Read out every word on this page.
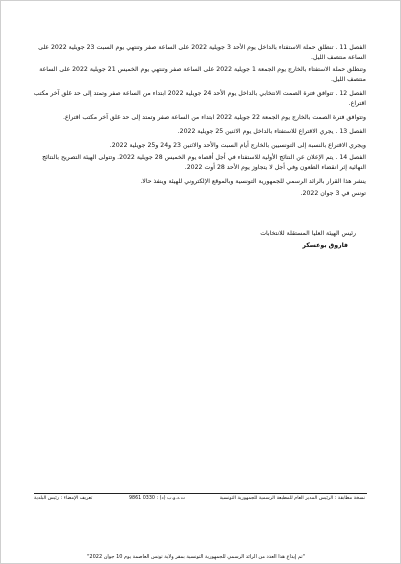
الفصل 11 . تنطلق حملة الاستفتاء بالداخل يوم الأحد 3 جويلية 2022 على الساعة صفر وتنتهي يوم السبت 23 جويلية 2022 على الساعة منتصف الليل.
وتنطلق حملة الاستفتاء بالخارج يوم الجمعة 1 جويلية 2022 على الساعة صفر وتنتهي يوم الخميس 21 جويلية 2022 على الساعة منتصف الليل.
الفصل 12 . تتوافق فترة الصمت الانتخابي بالداخل يوم الأحد 24 جويلية 2022 ابتداء من الساعة صفر وتمتد إلى حد غلق آخر مكتب اقتراع.
وتتوافق فترة الصمت بالخارج يوم الجمعة 22 جويلية 2022 ابتداء من الساعة صفر وتمتد إلى حد غلق آخر مكتب اقتراع.
الفصل 13 . يجري الاقتراع للاستفتاء بالداخل يوم الاثنين 25 جويلية 2022.
ويجري الاقتراع بالنسبة إلى التونسيين بالخارج أيام السبت والأحد والاثنين 23 و24 و25 جويلية 2022.
الفصل 14 . يتم الإعلان عن النتائج الأولية للاستفتاء في أجل أقصاه يوم الخميس 28 جويلية 2022. وتتولى الهيئة التصريح بالنتائج النهائية إثر انقضاء الطعون وفي أجل لا يتجاوز يوم الأحد 28 أوت 2022.
ينشر هذا القرار بالرائد الرسمي للجمهورية التونسية وبالموقع الإلكتروني للهيئة وينفذ حالا.
تونس في 3 جوان 2022.
رئيس الهيئة العليا المستقلة للانتخابات
فاروق بوعسكر
نسخة مطابقة : الرئيس المدير العام للمطبعة الرسمية للجمهورية التونسية
ت.د.و.ب (د) : 0330 9861
تعريف الإمضاء : رئيس البلدية
"تم إيداع هذا العدد من الرائد الرسمي للجمهورية التونسية بمقر ولاية تونس العاصمة يوم 10 جوان 2022"
